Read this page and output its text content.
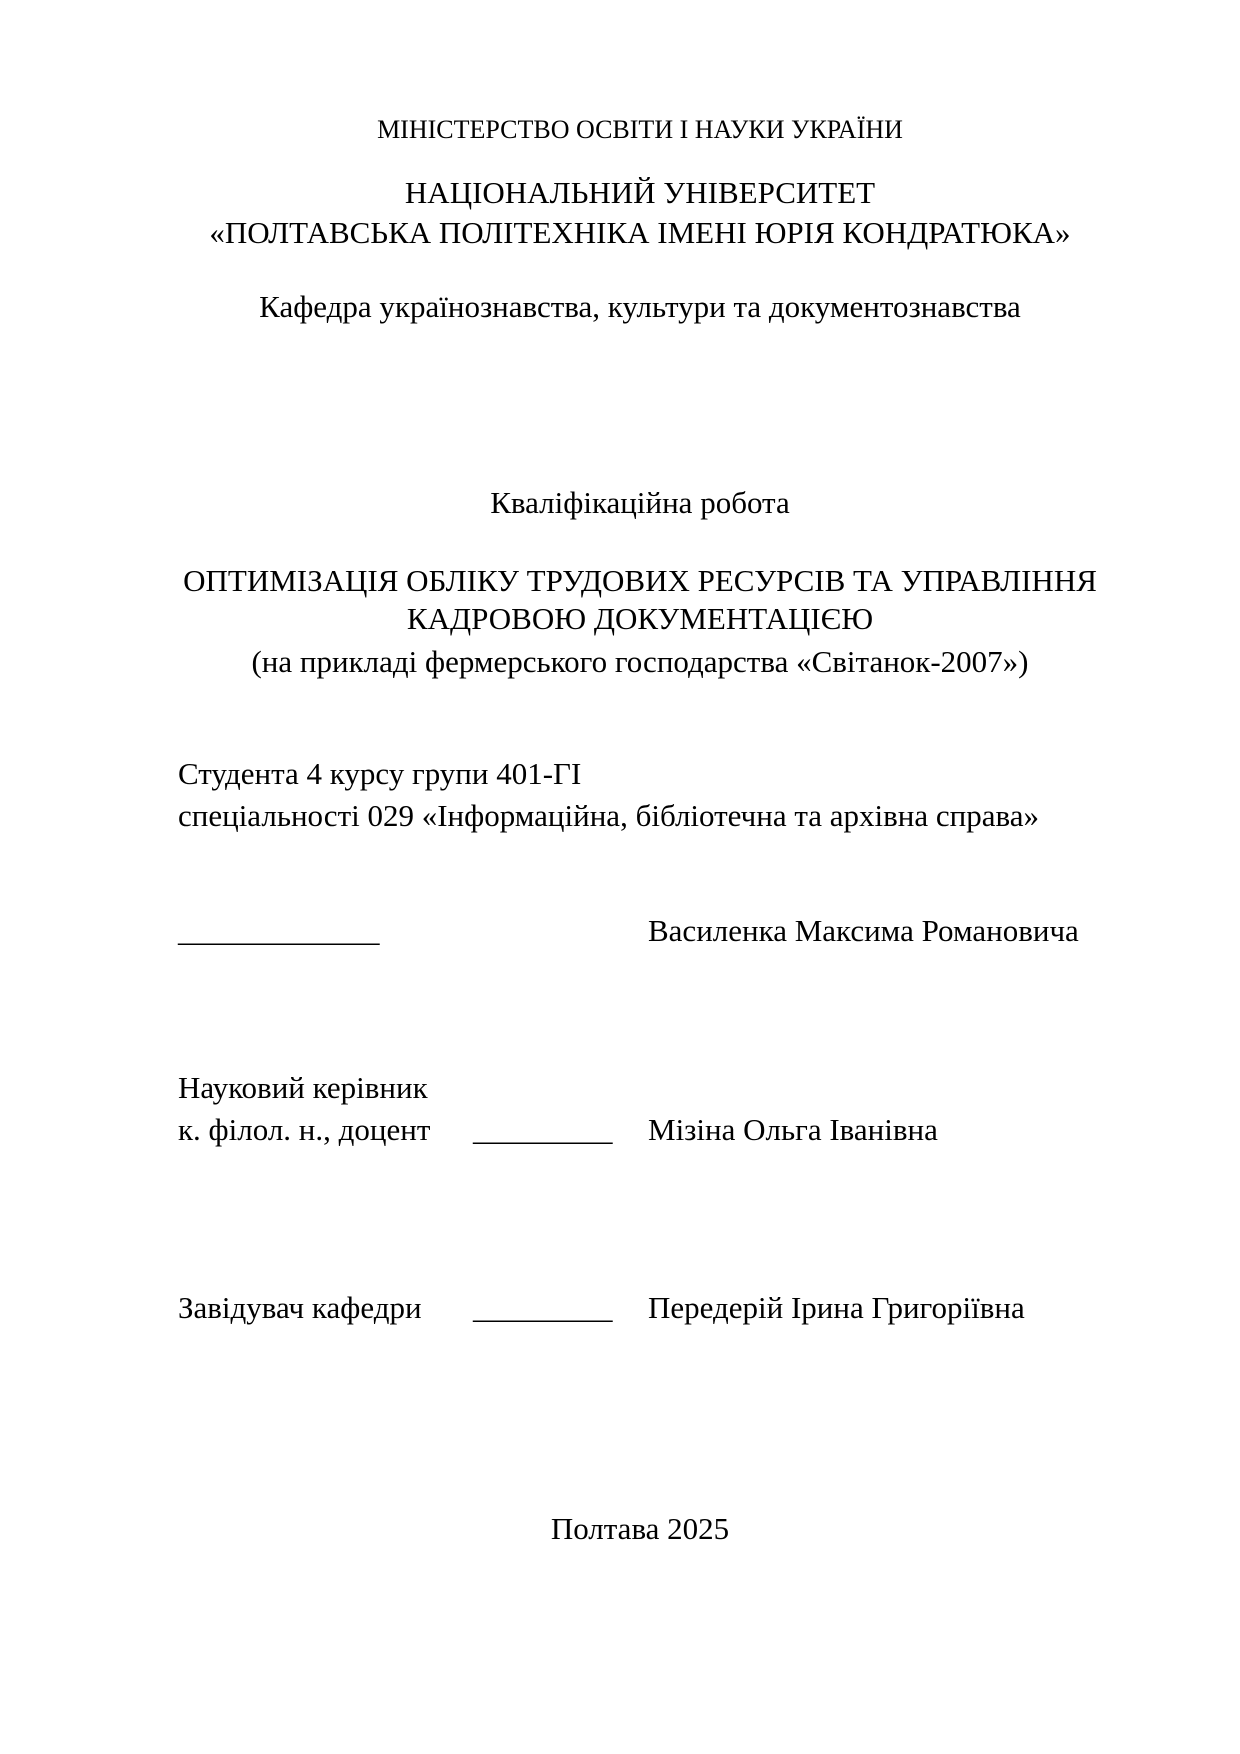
МІНІСТЕРСТВО ОСВІТИ І НАУКИ УКРАЇНИ
НАЦІОНАЛЬНИЙ УНІВЕРСИТЕТ
«ПОЛТАВСЬКА ПОЛІТЕХНІКА ІМЕНІ ЮРІЯ КОНДРАТЮКА»
Кафедра українознавства, культури та документознавства
Кваліфікаційна робота
ОПТИМІЗАЦІЯ ОБЛІКУ ТРУДОВИХ РЕСУРСІВ ТА УПРАВЛІННЯ
КАДРОВОЮ ДОКУМЕНТАЦІЄЮ
(на прикладі фермерського господарства «Світанок-2007»)
Студента 4 курсу групи 401-ГІ
спеціальності 029 «Інформаційна, бібліотечна та архівна справа»
_____________	Василенка Максима Романовича
Науковий керівник
к. філол. н., доцент _________ Мізіна Ольга Іванівна
Завідувач кафедри _________ Передерій Ірина Григоріївна
Полтава 2025
